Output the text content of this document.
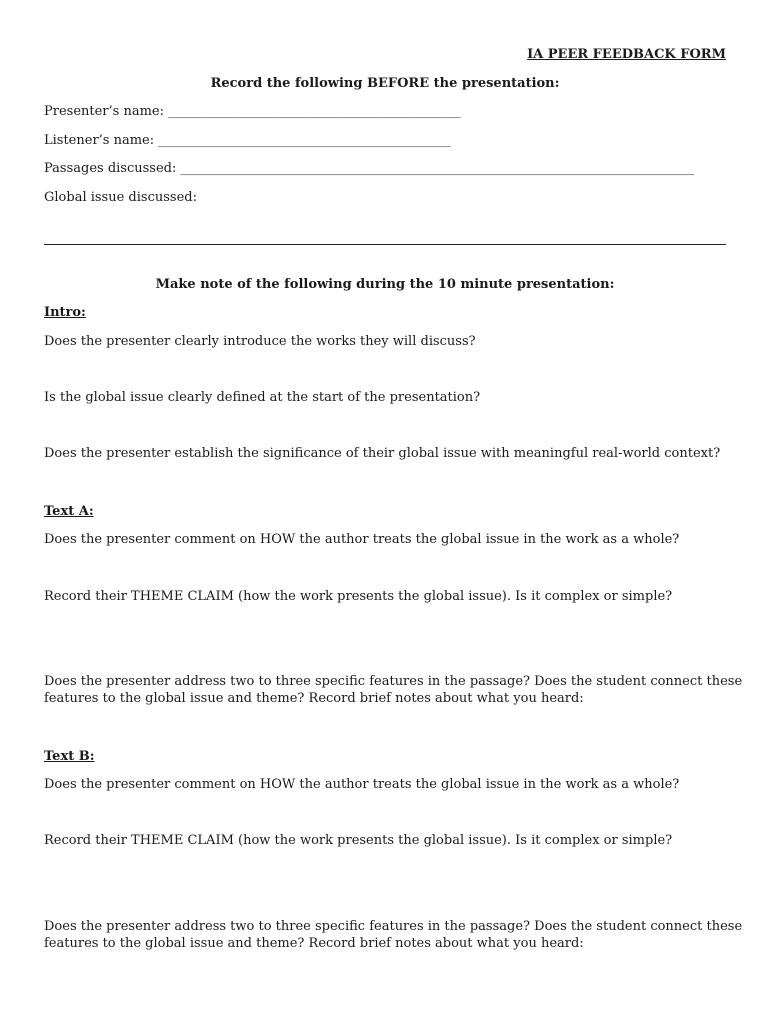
IA PEER FEEDBACK FORM
Record the following BEFORE the presentation:
Presenter’s name: _____________________________________________
Listener’s name: _____________________________________________
Passages discussed: _______________________________________________________________________________
Global issue discussed:
Make note of the following during the 10 minute presentation:
Intro:
Does the presenter clearly introduce the works they will discuss?
Is the global issue clearly defined at the start of the presentation?
Does the presenter establish the significance of their global issue with meaningful real-world context?
Text A:
Does the presenter comment on HOW the author treats the global issue in the work as a whole?
Record their THEME CLAIM (how the work presents the global issue). Is it complex or simple?
Does the presenter address two to three specific features in the passage? Does the student connect these
features to the global issue and theme? Record brief notes about what you heard:
Text B:
Does the presenter comment on HOW the author treats the global issue in the work as a whole?
Record their THEME CLAIM (how the work presents the global issue). Is it complex or simple?
Does the presenter address two to three specific features in the passage? Does the student connect these
features to the global issue and theme? Record brief notes about what you heard:
